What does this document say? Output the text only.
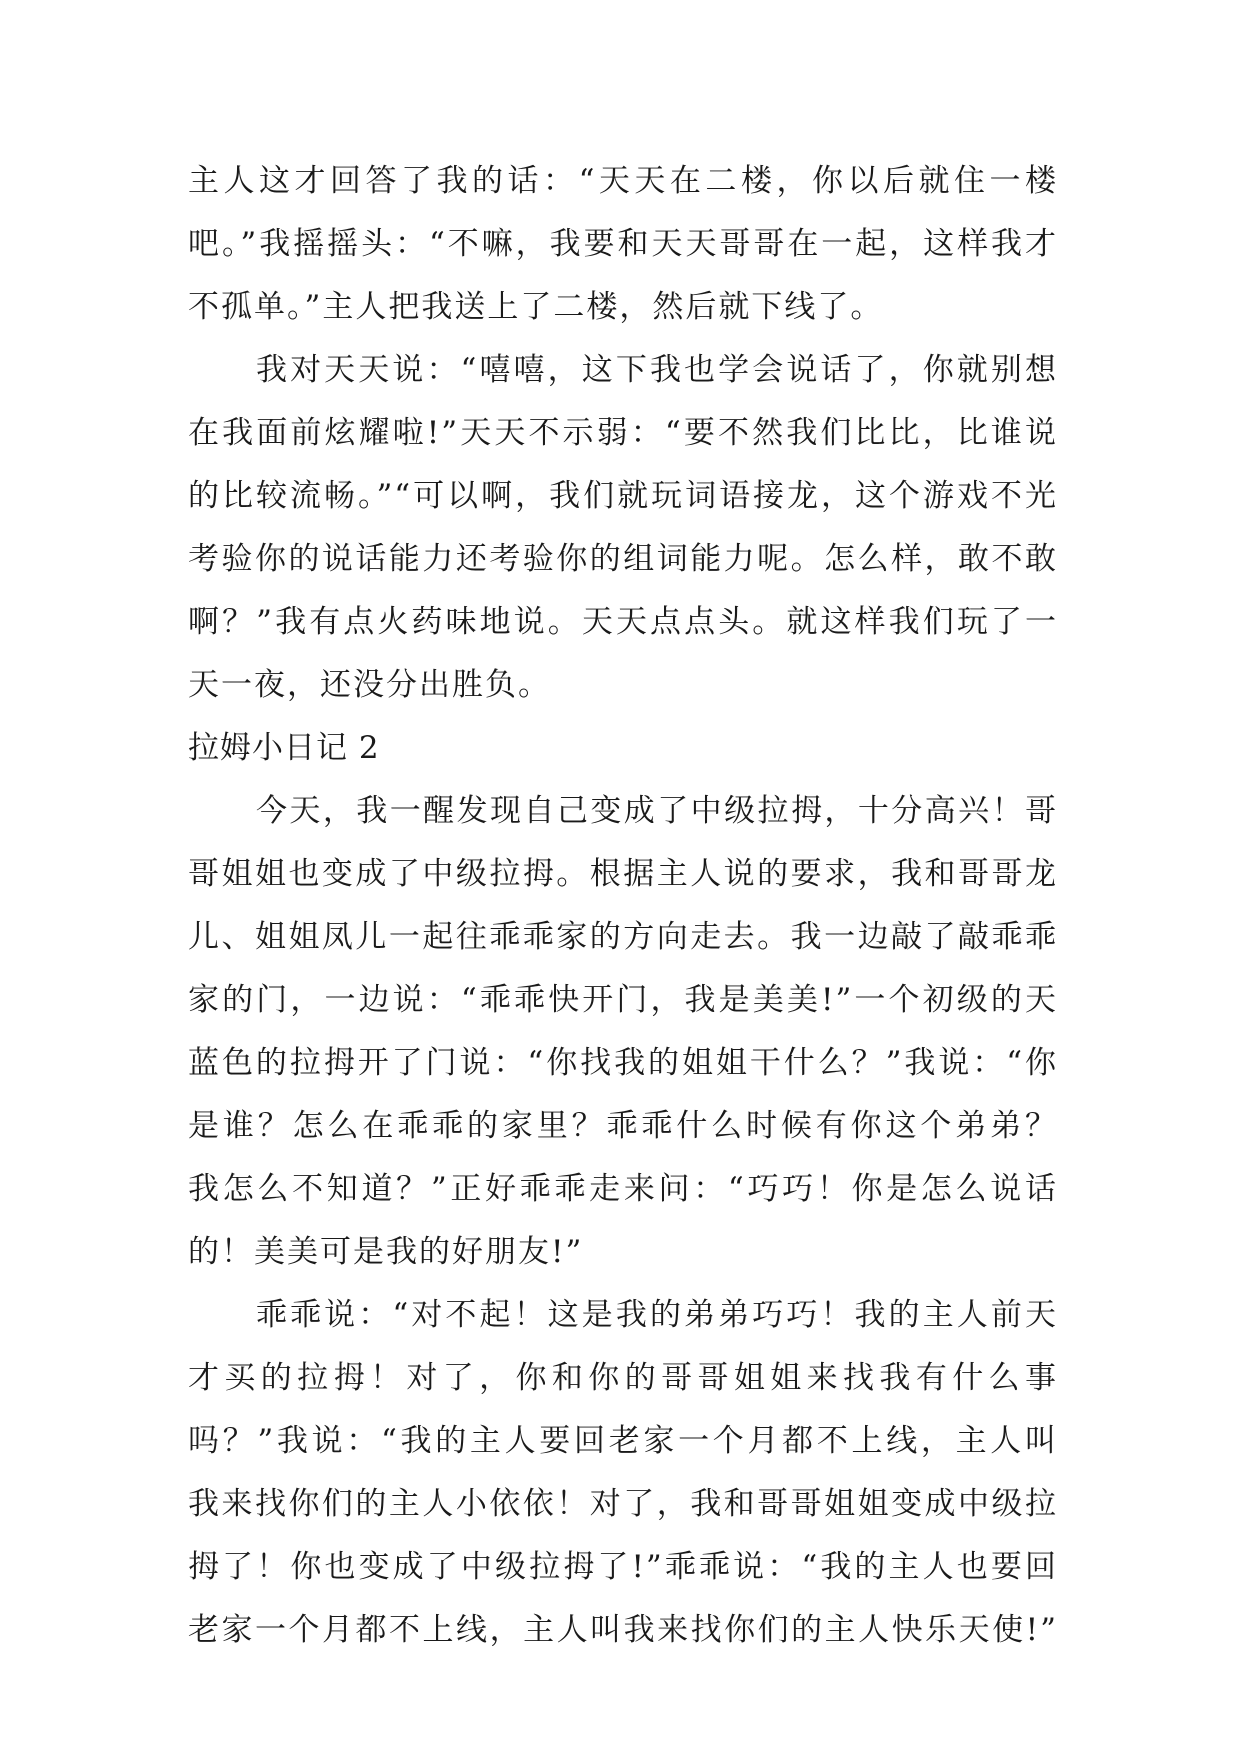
主人这才回答了我的话：“天天在二楼，你以后就住一楼
吧。”我摇摇头：“不嘛，我要和天天哥哥在一起，这样我才
不孤单。”主人把我送上了二楼，然后就下线了。
我对天天说：“嘻嘻，这下我也学会说话了，你就别想
在我面前炫耀啦!”天天不示弱：“要不然我们比比，比谁说
的比较流畅。”“可以啊，我们就玩词语接龙，这个游戏不光
考验你的说话能力还考验你的组词能力呢。怎么样，敢不敢
啊？”我有点火药味地说。天天点点头。就这样我们玩了一
天一夜，还没分出胜负。
拉姆小日记 2
今天，我一醒发现自己变成了中级拉拇，十分高兴！哥
哥姐姐也变成了中级拉拇。根据主人说的要求，我和哥哥龙
儿、姐姐凤儿一起往乖乖家的方向走去。我一边敲了敲乖乖
家的门，一边说：“乖乖快开门，我是美美!”一个初级的天
蓝色的拉拇开了门说：“你找我的姐姐干什么？”我说：“你
是谁？怎么在乖乖的家里？乖乖什么时候有你这个弟弟？
我怎么不知道？”正好乖乖走来问：“巧巧！你是怎么说话
的！美美可是我的好朋友!”
乖乖说：“对不起！这是我的弟弟巧巧！我的主人前天
才买的拉拇！对了，你和你的哥哥姐姐来找我有什么事
吗？”我说：“我的主人要回老家一个月都不上线，主人叫
我来找你们的主人小依依！对了，我和哥哥姐姐变成中级拉
拇了！你也变成了中级拉拇了!”乖乖说：“我的主人也要回
老家一个月都不上线，主人叫我来找你们的主人快乐天使!”
